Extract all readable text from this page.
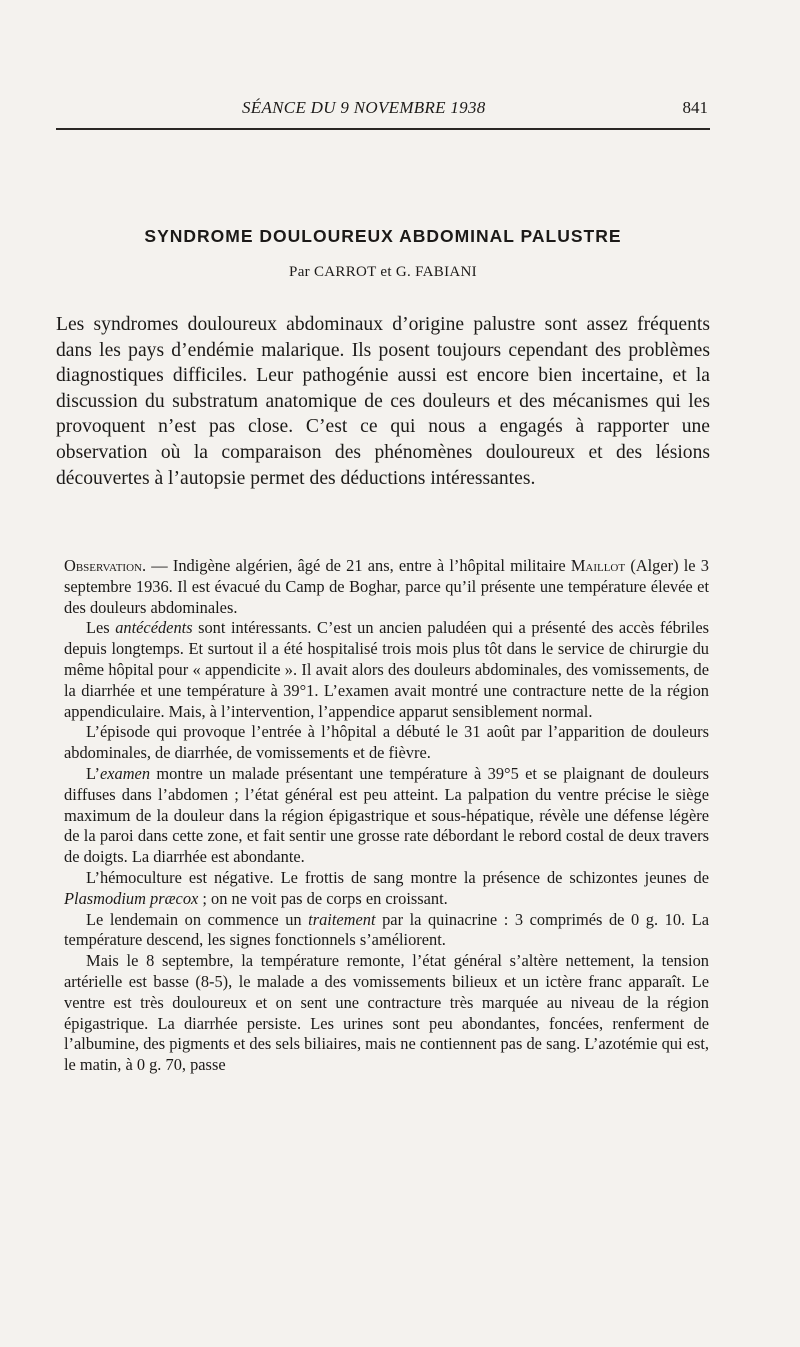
SÉANCE DU 9 NOVEMBRE 1938	841
SYNDROME DOULOUREUX ABDOMINAL PALUSTRE
Par CARROT et G. FABIANI

Les syndromes douloureux abdominaux d’origine palustre sont assez fréquents dans les pays d’endémie malarique. Ils posent toujours cependant des problèmes diagnostiques difficiles. Leur pathogénie aussi est encore bien incertaine, et la discussion du substratum anatomique de ces douleurs et des mécanismes qui les provoquent n’est pas close. C’est ce qui nous a engagés à rapporter une observation où la comparaison des phénomènes douloureux et des lésions découvertes à l’autopsie permet des déductions intéressantes.

Observation. — Indigène algérien, âgé de 21 ans, entre à l’hôpital militaire Maillot (Alger) le 3 septembre 1936. Il est évacué du Camp de Boghar, parce qu’il présente une température élevée et des douleurs abdominales.

Les antécédents sont intéressants. C’est un ancien paludéen qui a présenté des accès fébriles depuis longtemps. Et surtout il a été hospitalisé trois mois plus tôt dans le service de chirurgie du même hôpital pour « appendicite ». Il avait alors des douleurs abdominales, des vomissements, de la diarrhée et une température à 39°1. L’examen avait montré une contracture nette de la région appendiculaire. Mais, à l’intervention, l’appendice apparut sensiblement normal.

L’épisode qui provoque l’entrée à l’hôpital a débuté le 31 août par l’apparition de douleurs abdominales, de diarrhée, de vomissements et de fièvre.

L’examen montre un malade présentant une température à 39°5 et se plaignant de douleurs diffuses dans l’abdomen ; l’état général est peu atteint. La palpation du ventre précise le siège maximum de la douleur dans la région épigastrique et sous-hépatique, révèle une défense légère de la paroi dans cette zone, et fait sentir une grosse rate débordant le rebord costal de deux travers de doigts. La diarrhée est abondante.

L’hémoculture est négative. Le frottis de sang montre la présence de schizontes jeunes de Plasmodium præcox ; on ne voit pas de corps en croissant.

Le lendemain on commence un traitement par la quinacrine : 3 comprimés de 0 g. 10. La température descend, les signes fonctionnels s’améliorent.

Mais le 8 septembre, la température remonte, l’état général s’altère nettement, la tension artérielle est basse (8-5), le malade a des vomissements bilieux et un ictère franc apparaît. Le ventre est très douloureux et on sent une contracture très marquée au niveau de la région épigastrique. La diarrhée persiste. Les urines sont peu abondantes, foncées, renferment de l’albumine, des pigments et des sels biliaires, mais ne contiennent pas de sang. L’azotémie qui est, le matin, à 0 g. 70, passe
